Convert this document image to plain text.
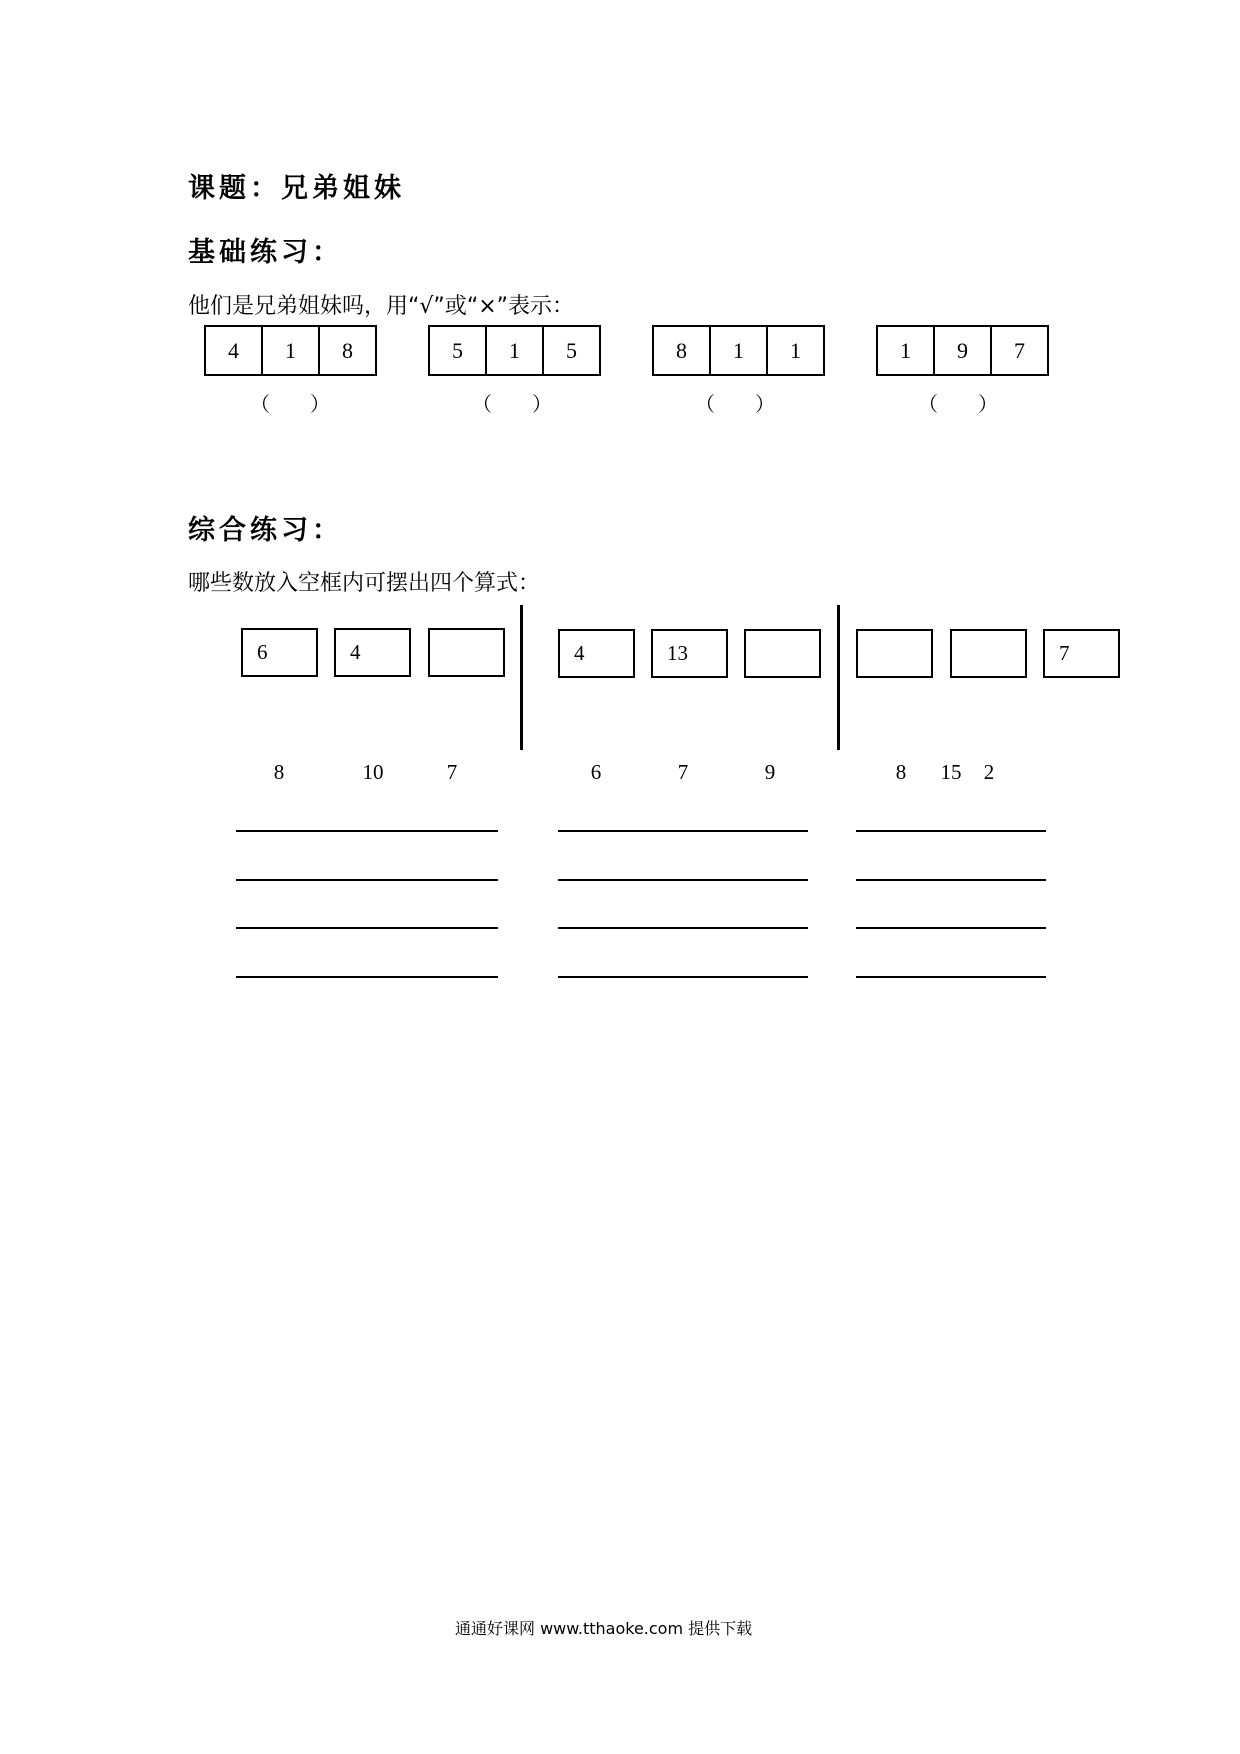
课题：兄弟姐妹
基础练习：
他们是兄弟姐妹吗，用“√”或“×”表示：
4	1	8
（ ）
5	1	5
（ ）
8	1	1
（ ）
1	9	7
（ ）
综合练习：
哪些数放入空框内可摆出四个算式：
6	4	4	13	7
8	10	7	6	7	9	8 15 2
通通好课网 www.tthaoke.com 提供下载
